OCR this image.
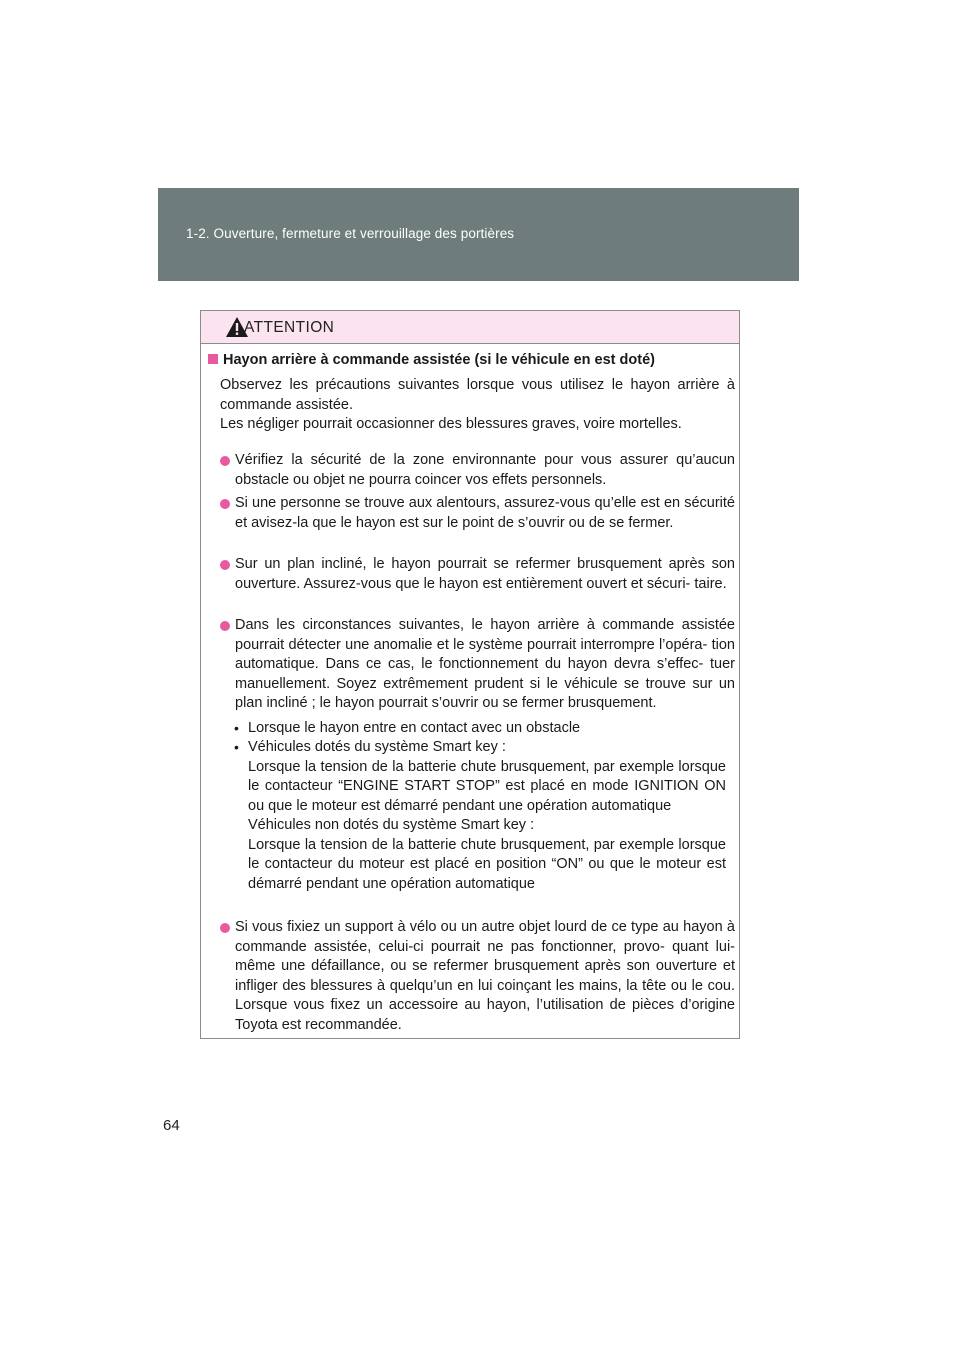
1-2. Ouverture, fermeture et verrouillage des portières
ATTENTION
Hayon arrière à commande assistée (si le véhicule en est doté)
Observez les précautions suivantes lorsque vous utilisez le hayon arrière à commande assistée.
Les négliger pourrait occasionner des blessures graves, voire mortelles.
Vérifiez la sécurité de la zone environnante pour vous assurer qu’aucun obstacle ou objet ne pourra coincer vos effets personnels.
Si une personne se trouve aux alentours, assurez-vous qu’elle est en sécurité et avisez-la que le hayon est sur le point de s’ouvrir ou de se fermer.
Sur un plan incliné, le hayon pourrait se refermer brusquement après son ouverture. Assurez-vous que le hayon est entièrement ouvert et sécuri- taire.
Dans les circonstances suivantes, le hayon arrière à commande assistée pourrait détecter une anomalie et le système pourrait interrompre l’opéra- tion automatique. Dans ce cas, le fonctionnement du hayon devra s’effec- tuer manuellement. Soyez extrêmement prudent si le véhicule se trouve sur un plan incliné ; le hayon pourrait s’ouvrir ou se fermer brusquement.
• Lorsque le hayon entre en contact avec un obstacle
• Véhicules dotés du système Smart key :
Lorsque la tension de la batterie chute brusquement, par exemple lorsque le contacteur “ENGINE START STOP” est placé en mode IGNITION ON ou que le moteur est démarré pendant une opération automatique
Véhicules non dotés du système Smart key :
Lorsque la tension de la batterie chute brusquement, par exemple lorsque le contacteur du moteur est placé en position “ON” ou que le moteur est démarré pendant une opération automatique
Si vous fixiez un support à vélo ou un autre objet lourd de ce type au hayon à commande assistée, celui-ci pourrait ne pas fonctionner, provo- quant lui-même une défaillance, ou se refermer brusquement après son ouverture et infliger des blessures à quelqu’un en lui coinçant les mains, la tête ou le cou. Lorsque vous fixez un accessoire au hayon, l’utilisation de pièces d’origine Toyota est recommandée.
64
